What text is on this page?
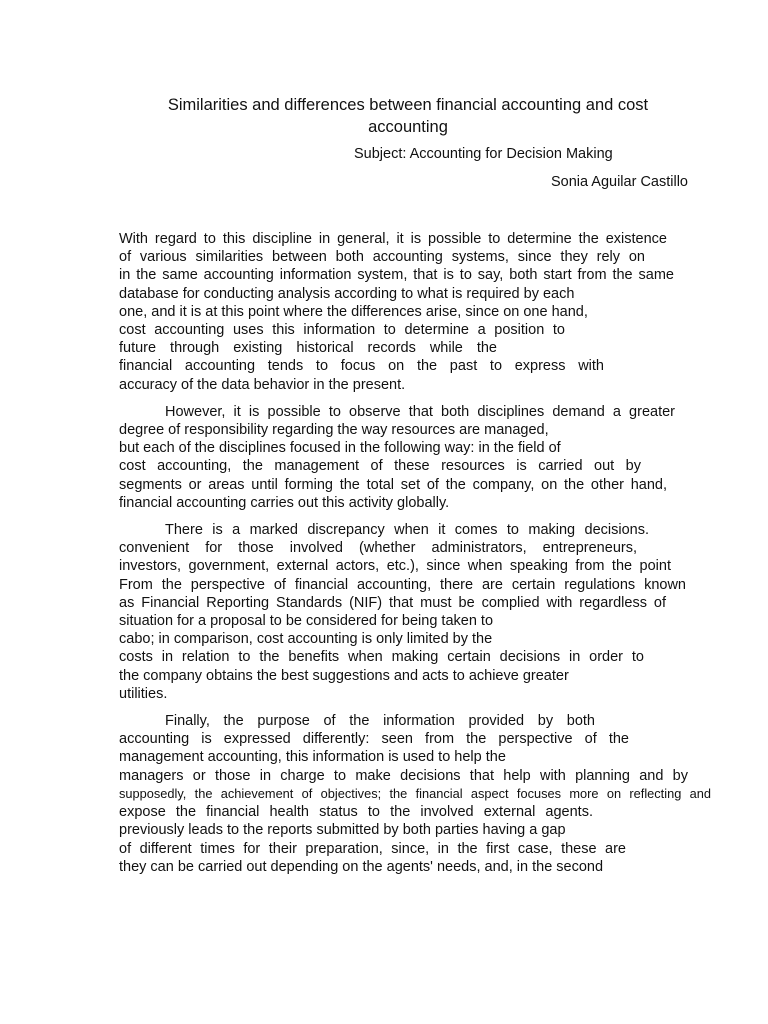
Similarities and differences between financial accounting and cost accounting

Subject: Accounting for Decision Making

Sonia Aguilar Castillo

With regard to this discipline in general, it is possible to determine the existence
of various similarities between both accounting systems, since they rely on
in the same accounting information system, that is to say, both start from the same
database for conducting analysis according to what is required by each
one, and it is at this point where the differences arise, since on one hand,
cost accounting uses this information to determine a position to
future through existing historical records while the
financial accounting tends to focus on the past to express with
accuracy of the data behavior in the present.
However, it is possible to observe that both disciplines demand a greater
degree of responsibility regarding the way resources are managed,
but each of the disciplines focused in the following way: in the field of
cost accounting, the management of these resources is carried out by
segments or areas until forming the total set of the company, on the other hand,
financial accounting carries out this activity globally.
There is a marked discrepancy when it comes to making decisions.
convenient for those involved (whether administrators, entrepreneurs,
investors, government, external actors, etc.), since when speaking from the point
From the perspective of financial accounting, there are certain regulations known
as Financial Reporting Standards (NIF) that must be complied with regardless of
situation for a proposal to be considered for being taken to
cabo; in comparison, cost accounting is only limited by the
costs in relation to the benefits when making certain decisions in order to
the company obtains the best suggestions and acts to achieve greater
utilities.
Finally, the purpose of the information provided by both
accounting is expressed differently: seen from the perspective of the
management accounting, this information is used to help the
managers or those in charge to make decisions that help with planning and by
supposedly, the achievement of objectives; the financial aspect focuses more on reflecting and
expose the financial health status to the involved external agents.
previously leads to the reports submitted by both parties having a gap
of different times for their preparation, since, in the first case, these are
they can be carried out depending on the agents' needs, and, in the second
